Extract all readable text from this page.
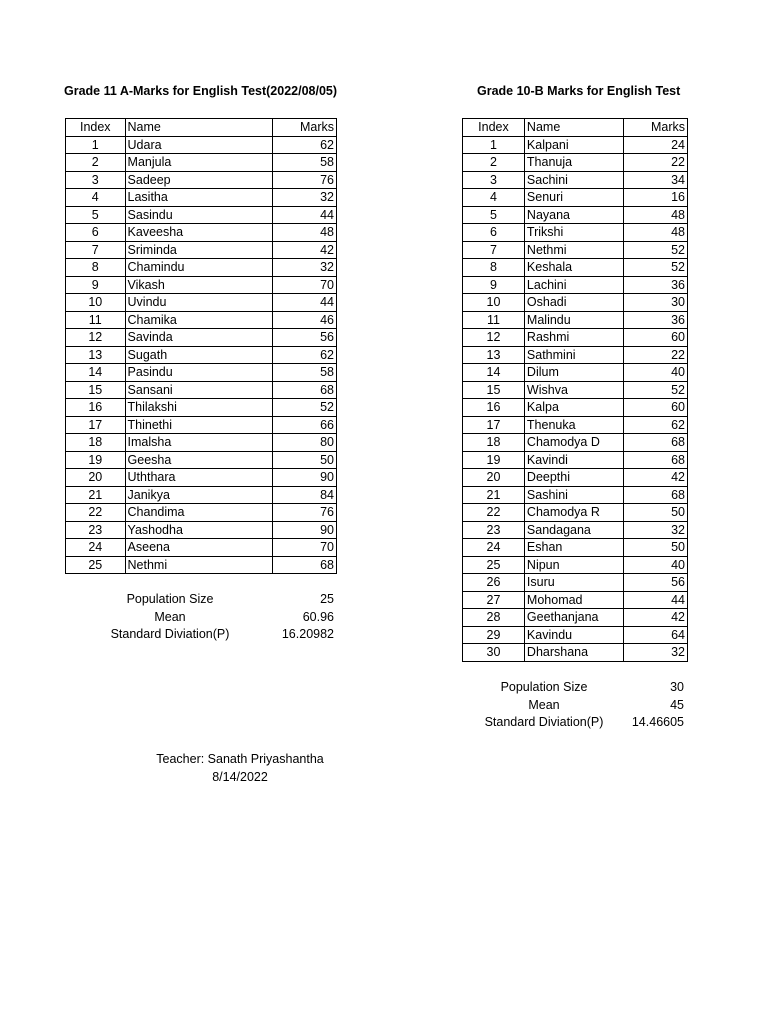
Grade 11 A-Marks for English Test(2022/08/05)	Grade 10-B Marks for English Test
Index	Name	Marks
1	Udara	62
2	Manjula	58
3	Sadeep	76
4	Lasitha	32
5	Sasindu	44
6	Kaveesha	48
7	Sriminda	42
8	Chamindu	32
9	Vikash	70
10	Uvindu	44
11	Chamika	46
12	Savinda	56
13	Sugath	62
14	Pasindu	58
15	Sansani	68
16	Thilakshi	52
17	Thinethi	66
18	Imalsha	80
19	Geesha	50
20	Uththara	90
21	Janikya	84
22	Chandima	76
23	Yashodha	90
24	Aseena	70
25	Nethmi	68
Index	Name	Marks
1	Kalpani	24
2	Thanuja	22
3	Sachini	34
4	Senuri	16
5	Nayana	48
6	Trikshi	48
7	Nethmi	52
8	Keshala	52
9	Lachini	36
10	Oshadi	30
11	Malindu	36
12	Rashmi	60
13	Sathmini	22
14	Dilum	40
15	Wishva	52
16	Kalpa	60
17	Thenuka	62
18	Chamodya D	68
19	Kavindi	68
20	Deepthi	42
21	Sashini	68
22	Chamodya R	50
23	Sandagana	32
24	Eshan	50
25	Nipun	40
26	Isuru	56
27	Mohomad	44
28	Geethanjana	42
29	Kavindu	64
30	Dharshana	32
Population Size	25
Mean	60.96
Standard Diviation(P)	16.20982
Population Size	30
Mean	45
Standard Diviation(P)	14.46605
Teacher: Sanath Priyashantha
8/14/2022
